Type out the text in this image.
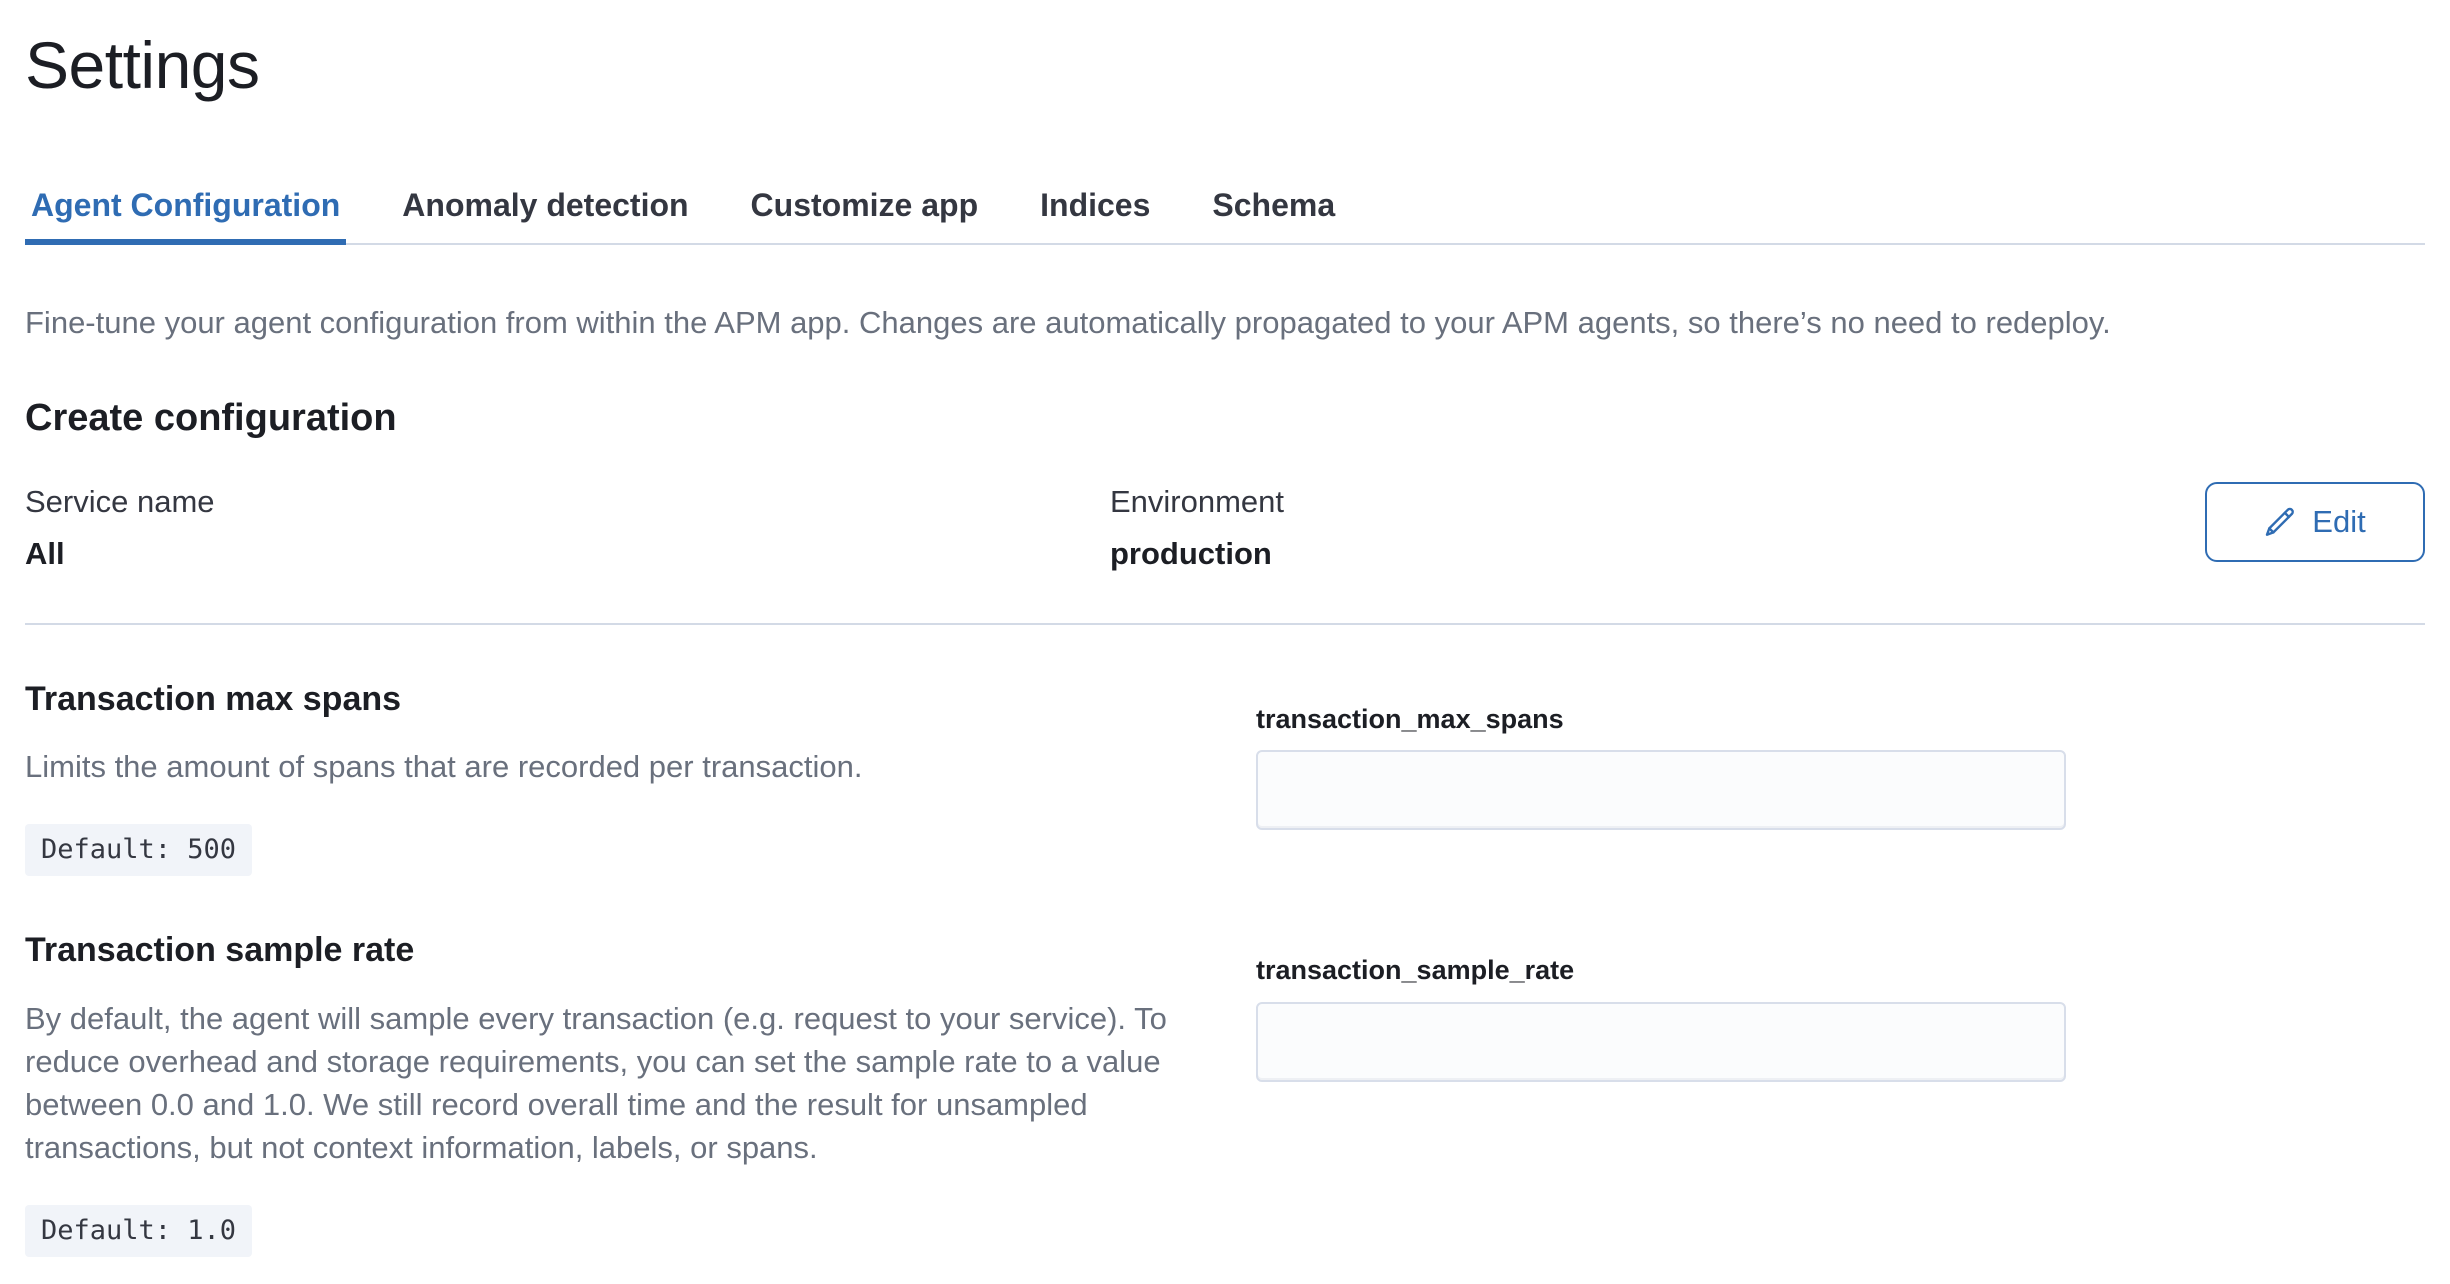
Settings
Agent Configuration Anomaly detection Customize app Indices Schema

Fine-tune your agent configuration from within the APM app. Changes are automatically propagated to your APM agents, so there’s no need to redeploy.

Create configuration
Service name
All
Environment
production
Edit
Transaction max spans

Limits the amount of spans that are recorded per transaction.

Default: 500
transaction_max_spans
Transaction sample rate

By default, the agent will sample every transaction (e.g. request to your service). To reduce overhead and storage requirements, you can set the sample rate to a value between 0.0 and 1.0. We still record overall time and the result for unsampled transactions, but not context information, labels, or spans.

Default: 1.0
transaction_sample_rate
